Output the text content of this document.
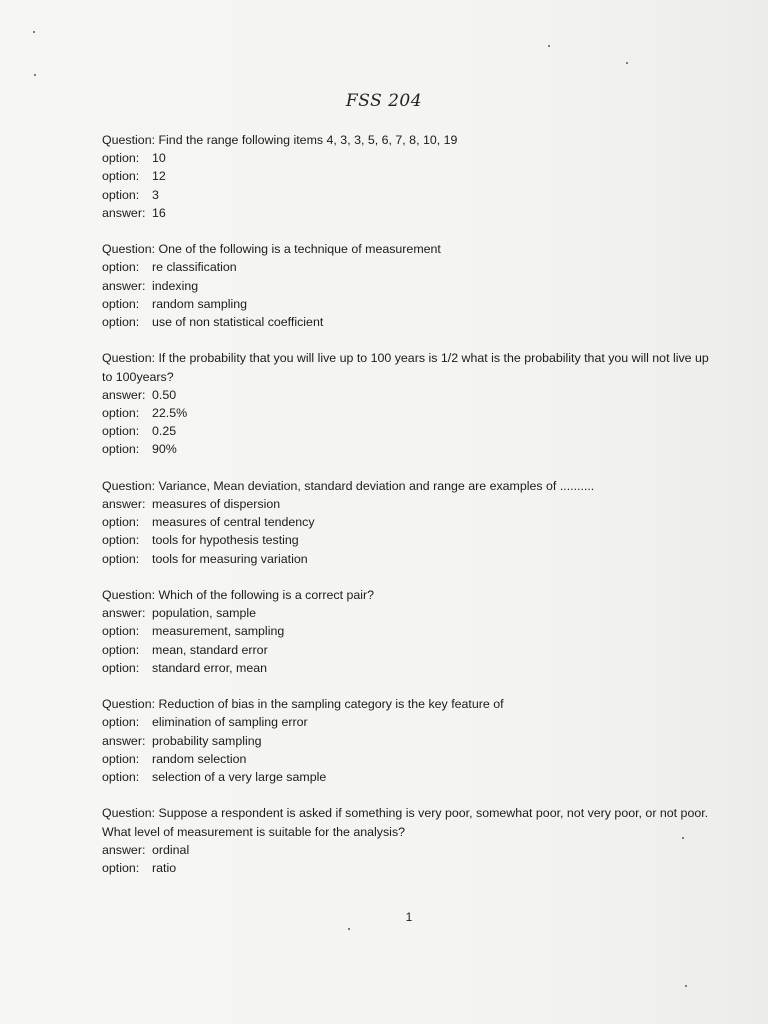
FSS 204
Question: Find the range following items 4, 3, 3, 5, 6, 7, 8, 10, 19
option: 10
option: 12
option: 3
answer: 16
Question: One of the following is a technique of measurement
option: re classification
answer: indexing
option: random sampling
option: use of non statistical coefficient
Question: If the probability that you will live up to 100 years is 1/2 what is the probability that you will not live up to 100years?
answer: 0.50
option: 22.5%
option: 0.25
option: 90%
Question: Variance, Mean deviation, standard deviation and range are examples of ..........
answer: measures of dispersion
option: measures of central tendency
option: tools for hypothesis testing
option: tools for measuring variation
Question: Which of the following is a correct pair?
answer: population, sample
option: measurement, sampling
option: mean, standard error
option: standard error, mean
Question: Reduction of bias in the sampling category is the key feature of
option: elimination of sampling error
answer: probability sampling
option: random selection
option: selection of a very large sample
Question: Suppose a respondent is asked if something is very poor, somewhat poor, not very poor, or not poor. What level of measurement is suitable for the analysis?
answer: ordinal
option: ratio
1
